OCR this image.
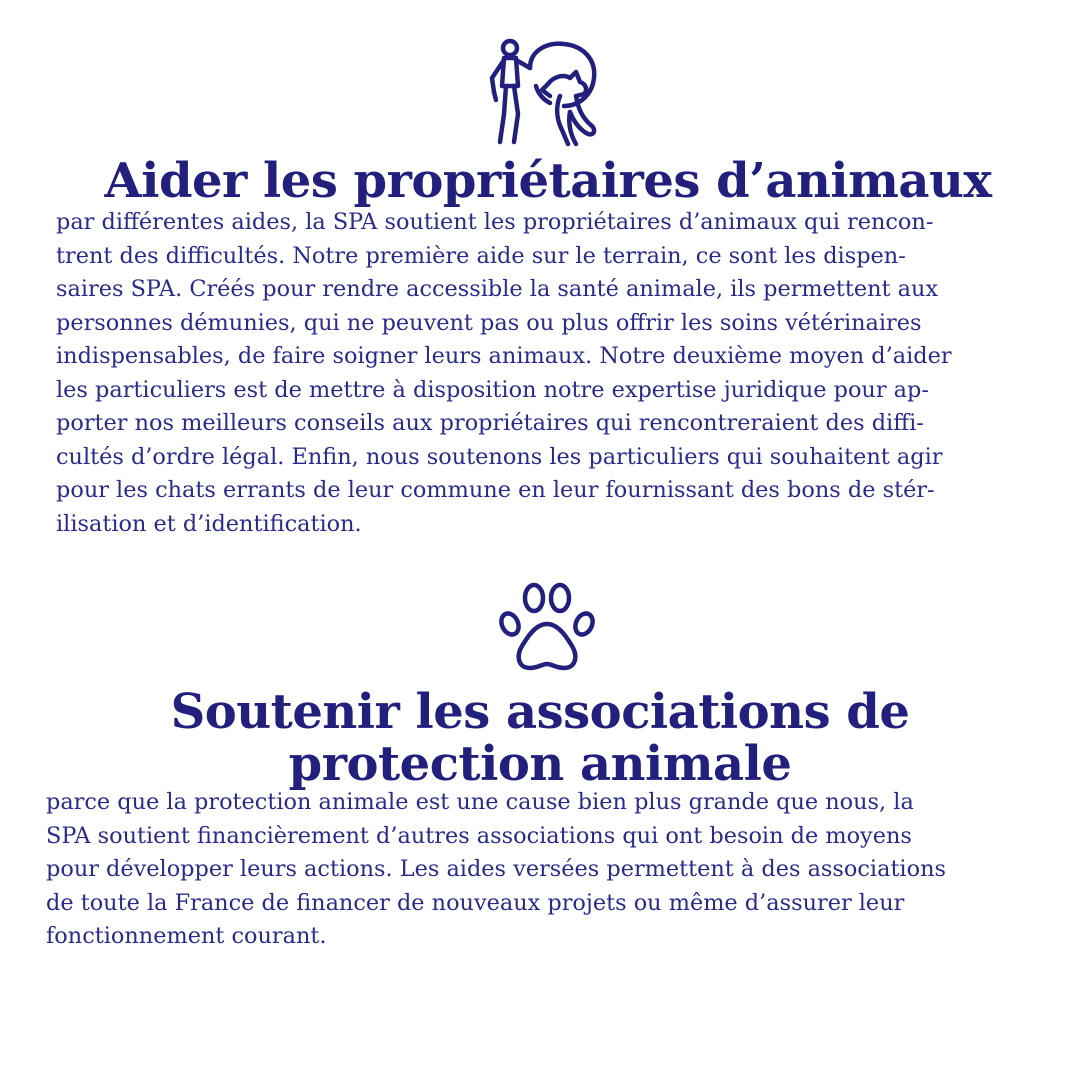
Aider les propriétaires d’animaux

par différentes aides, la SPA soutient les propriétaires d’animaux qui rencon-
trent des difficultés. Notre première aide sur le terrain, ce sont les dispen-
saires SPA. Créés pour rendre accessible la santé animale, ils permettent aux
personnes démunies, qui ne peuvent pas ou plus offrir les soins vétérinaires
indispensables, de faire soigner leurs animaux. Notre deuxième moyen d’aider
les particuliers est de mettre à disposition notre expertise juridique pour ap-
porter nos meilleurs conseils aux propriétaires qui rencontreraient des diffi-
cultés d’ordre légal. Enfin, nous soutenons les particuliers qui souhaitent agir
pour les chats errants de leur commune en leur fournissant des bons de stér-
ilisation et d’identification.

Soutenir les associations de
protection animale

parce que la protection animale est une cause bien plus grande que nous, la
SPA soutient financièrement d’autres associations qui ont besoin de moyens
pour développer leurs actions. Les aides versées permettent à des associations
de toute la France de financer de nouveaux projets ou même d’assurer leur
fonctionnement courant.
